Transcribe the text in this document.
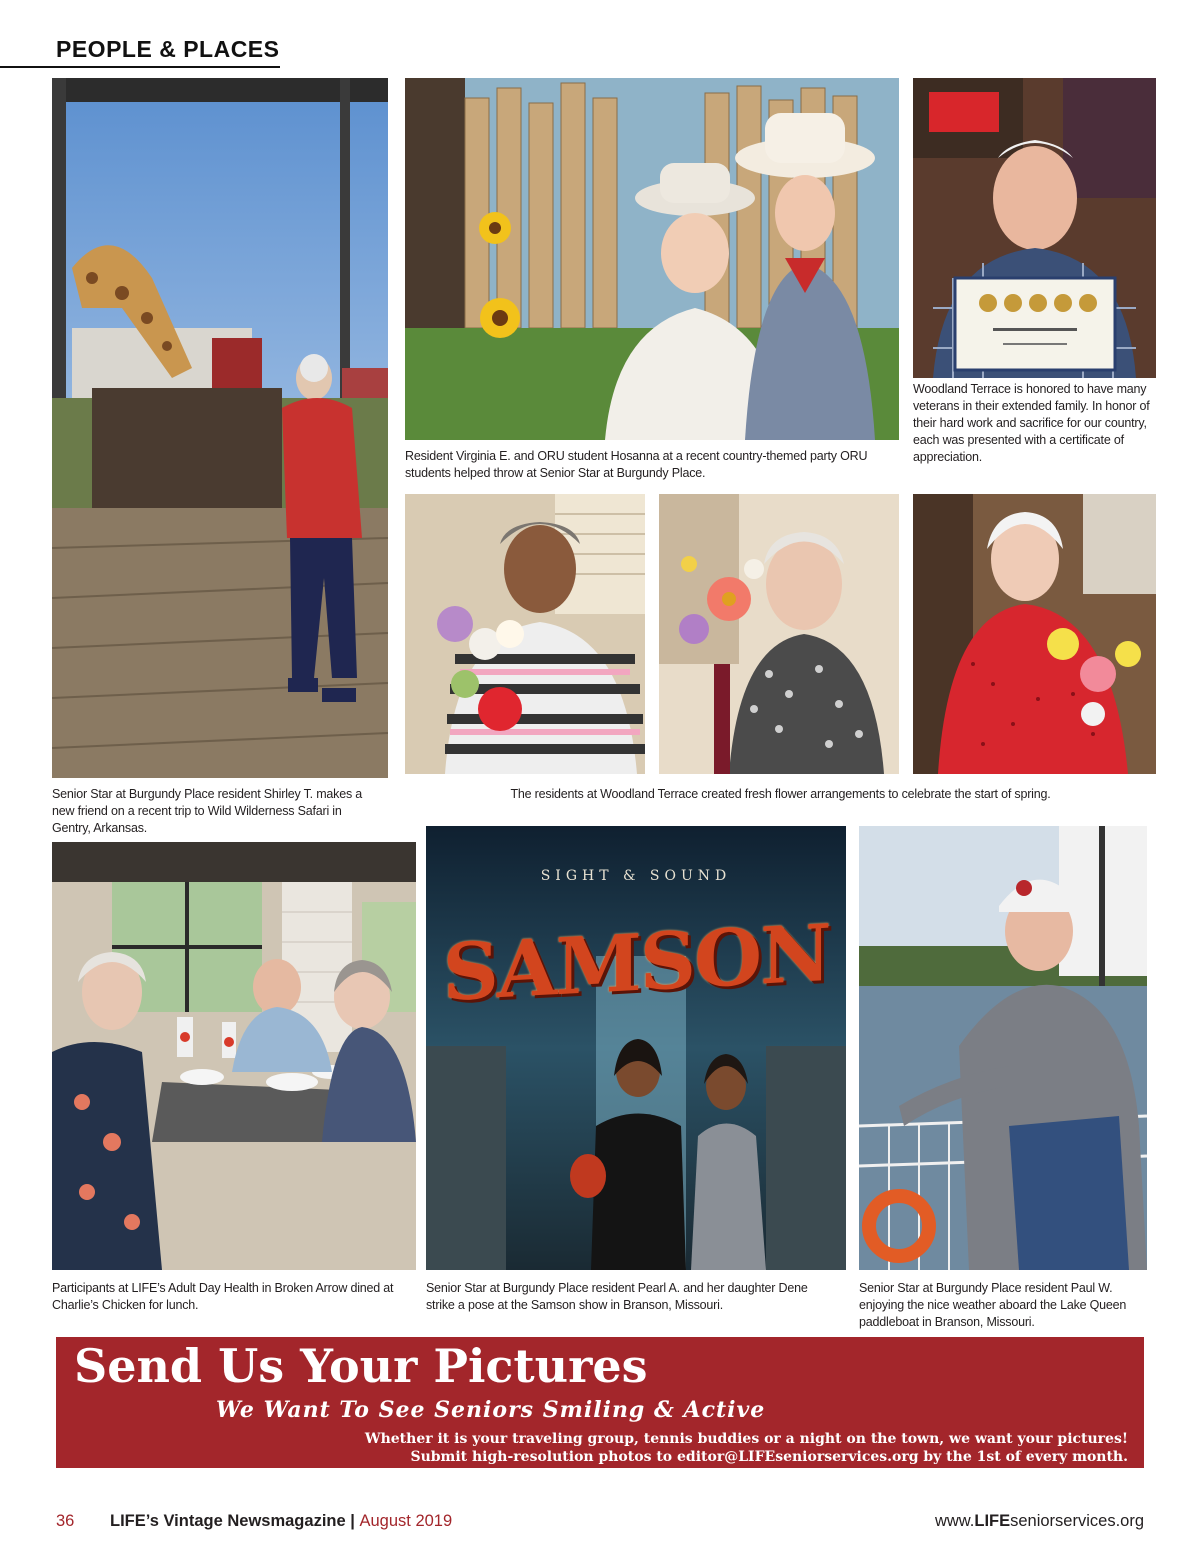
PEOPLE & PLACES
Senior Star at Burgundy Place resident Shirley T. makes a new friend on a recent trip to Wild Wilderness Safari in Gentry, Arkansas.
Resident Virginia E. and ORU student Hosanna at a recent country-themed party ORU students helped throw at Senior Star at Burgundy Place.
Woodland Terrace is honored to have many veterans in their extended family. In honor of their hard work and sacrifice for our country, each was presented with a certificate of appreciation.
The residents at Woodland Terrace created fresh flower arrangements to celebrate the start of spring.
Participants at LIFE’s Adult Day Health in Broken Arrow dined at Charlie’s Chicken for lunch.
SIGHT & SOUND
SAMSON
Senior Star at Burgundy Place resident Pearl A. and her daughter Dene strike a pose at the Samson show in Branson, Missouri.
Senior Star at Burgundy Place resident Paul W. enjoying the nice weather aboard the Lake Queen paddleboat in Branson, Missouri.
Send Us Your Pictures
We Want To See Seniors Smiling & Active
Whether it is your traveling group, tennis buddies or a night on the town, we want your pictures!
Submit high-resolution photos to editor@LIFEseniorservices.org by the 1st of every month.
36 LIFE’s Vintage Newsmagazine | August 2019	www.LIFEseniorservices.org
